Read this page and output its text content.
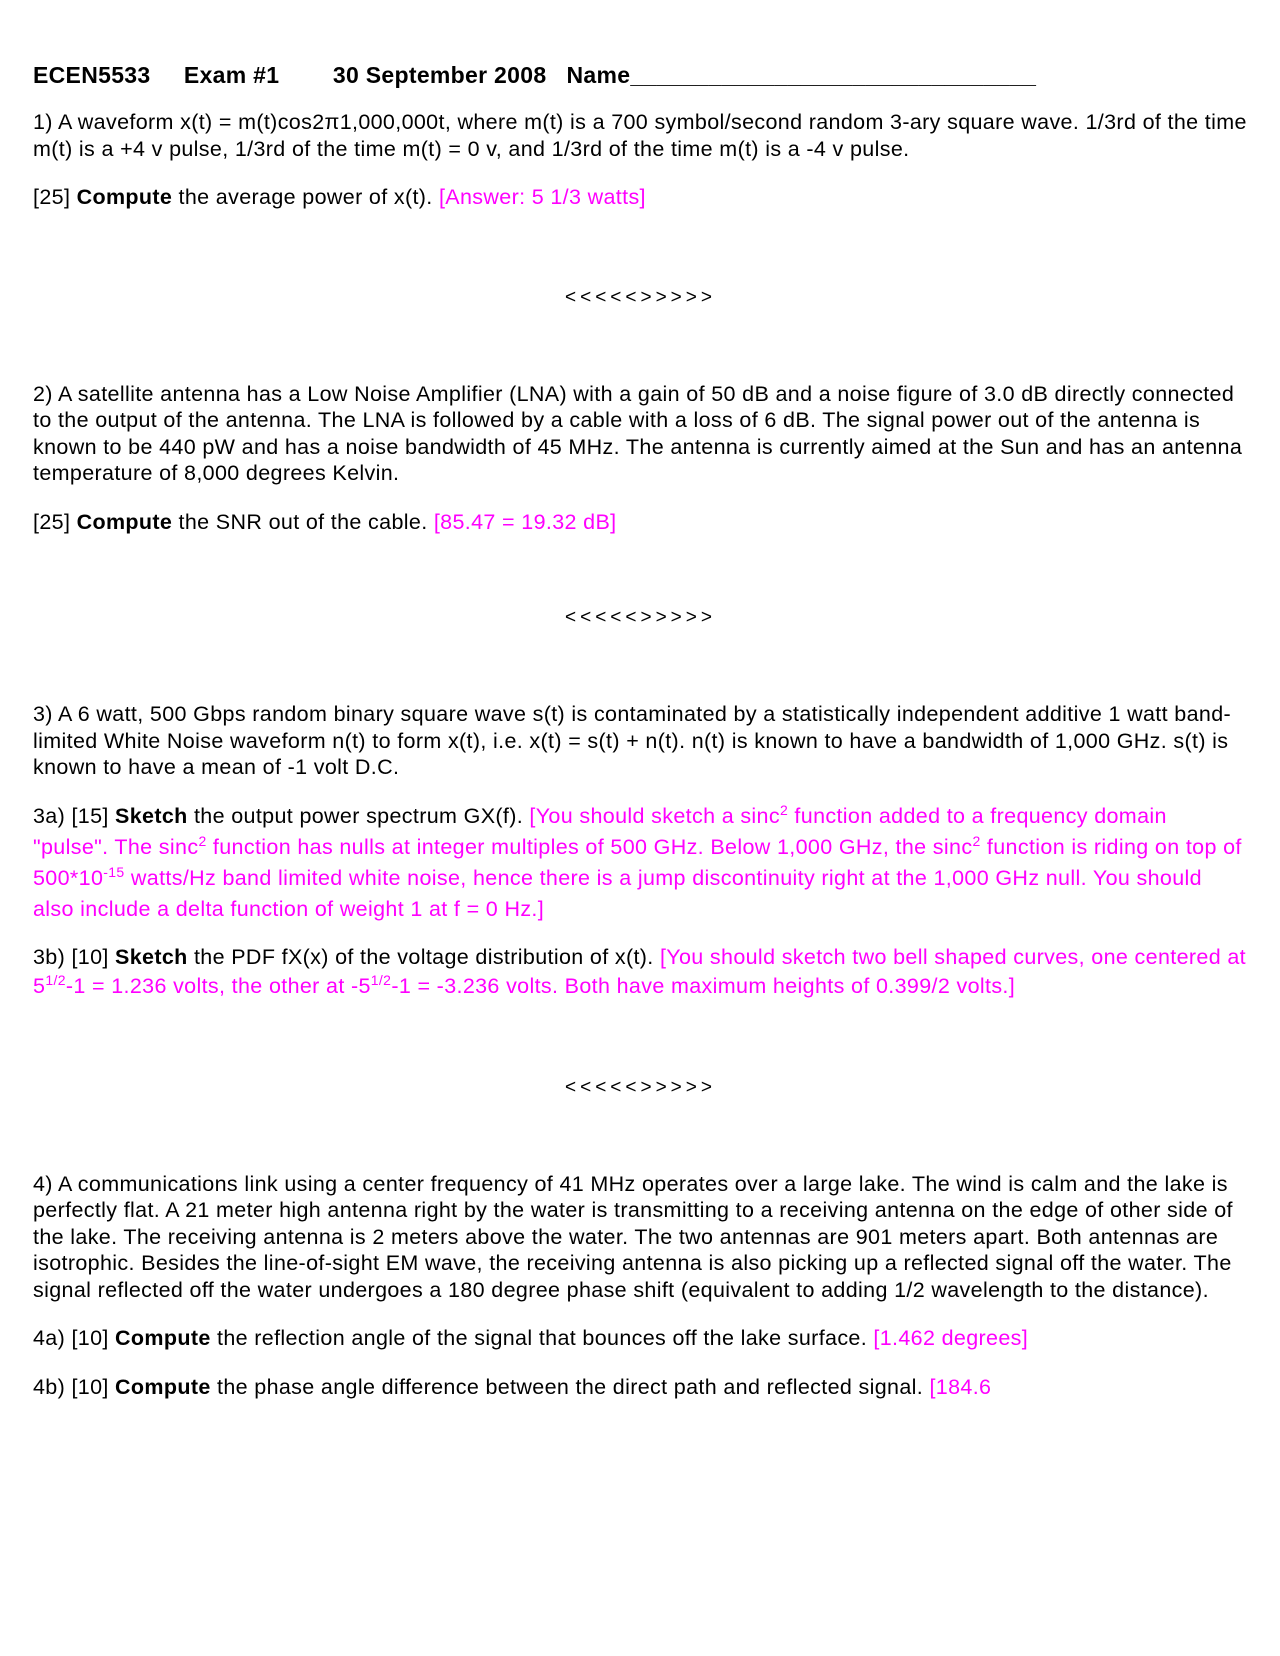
ECEN5533 Exam #1 30 September 2008 Name_______________________________

1) A waveform x(t) = m(t)cos2π1,000,000t, where m(t) is a 700 symbol/second random 3-ary square wave. 1/3rd of the time m(t) is a +4 v pulse, 1/3rd of the time m(t) = 0 v, and 1/3rd of the time m(t) is a -4 v pulse.

[25] Compute the average power of x(t). [Answer: 5 1/3 watts]

<<<<<>>>>>

2) A satellite antenna has a Low Noise Amplifier (LNA) with a gain of 50 dB and a noise figure of 3.0 dB directly connected to the output of the antenna. The LNA is followed by a cable with a loss of 6 dB. The signal power out of the antenna is known to be 440 pW and has a noise bandwidth of 45 MHz. The antenna is currently aimed at the Sun and has an antenna temperature of 8,000 degrees Kelvin.

[25] Compute the SNR out of the cable. [85.47 = 19.32 dB]

<<<<<>>>>>

3) A 6 watt, 500 Gbps random binary square wave s(t) is contaminated by a statistically independent additive 1 watt band-limited White Noise waveform n(t) to form x(t), i.e. x(t) = s(t) + n(t). n(t) is known to have a bandwidth of 1,000 GHz. s(t) is known to have a mean of -1 volt D.C.

3a) [15] Sketch the output power spectrum GX(f). [You should sketch a sinc$^2$ function added to a frequency domain "pulse". The sinc$^2$ function has nulls at integer multiples of 500 GHz. Below 1,000 GHz, the sinc$^2$ function is riding on top of $500*10^{-15}$ watts/Hz band limited white noise, hence there is a jump discontinuity right at the 1,000 GHz null. You should also include a delta function of weight 1 at f = 0 Hz.]

3b) [10] Sketch the PDF fX(x) of the voltage distribution of x(t). [You should sketch two bell shaped curves, one centered at $5^{1/2}-1 = 1.236$ volts, the other at $-5^{1/2}-1 = -3.236$ volts. Both have maximum heights of 0.399/2 volts.]

<<<<<>>>>>

4) A communications link using a center frequency of 41 MHz operates over a large lake. The wind is calm and the lake is perfectly flat. A 21 meter high antenna right by the water is transmitting to a receiving antenna on the edge of other side of the lake. The receiving antenna is 2 meters above the water. The two antennas are 901 meters apart. Both antennas are isotrophic. Besides the line-of-sight EM wave, the receiving antenna is also picking up a reflected signal off the water. The signal reflected off the water undergoes a 180 degree phase shift (equivalent to adding 1/2 wavelength to the distance).

4a) [10] Compute the reflection angle of the signal that bounces off the lake surface. [1.462 degrees]

4b) [10] Compute the phase angle difference between the direct path and reflected signal. [184.6
